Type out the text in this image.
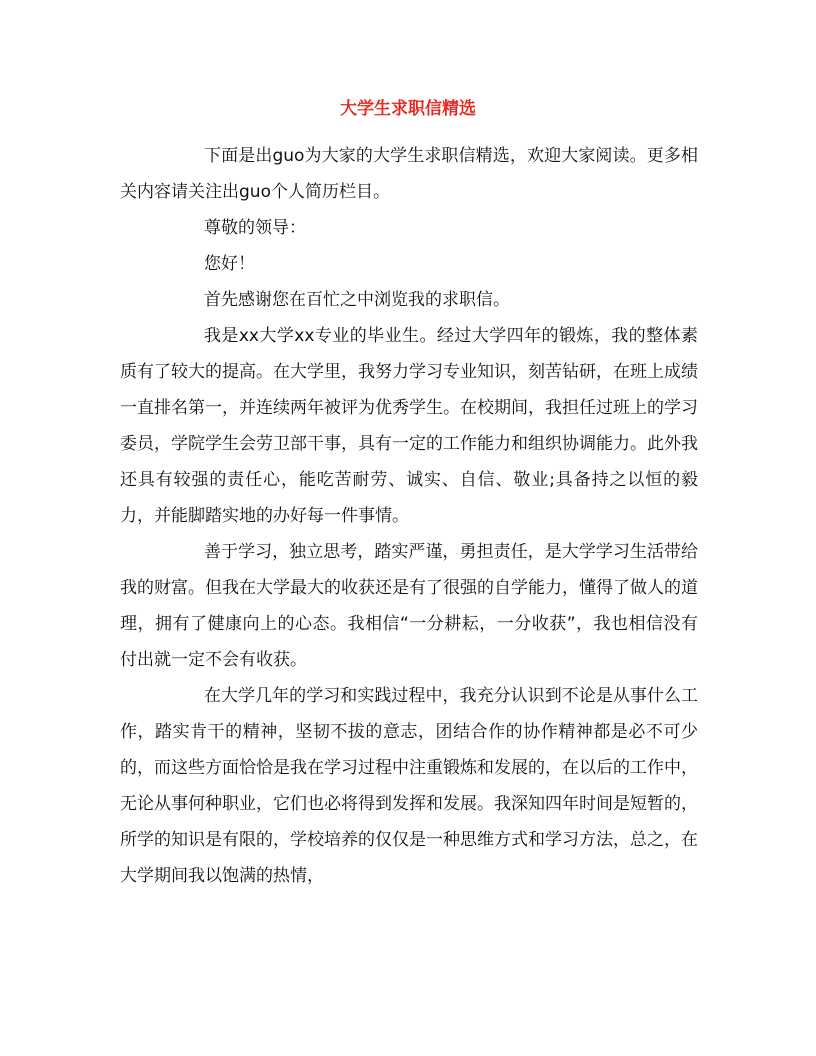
大学生求职信精选

下面是出guo为大家的大学生求职信精选，欢迎大家阅读。更多相关内容请关注出guo个人简历栏目。

尊敬的领导：

您好！

首先感谢您在百忙之中浏览我的求职信。

我是xx大学xx专业的毕业生。经过大学四年的锻炼，我的整体素质有了较大的提高。在大学里，我努力学习专业知识，刻苦钻研，在班上成绩一直排名第一，并连续两年被评为优秀学生。在校期间，我担任过班上的学习委员，学院学生会劳卫部干事，具有一定的工作能力和组织协调能力。此外我还具有较强的责任心，能吃苦耐劳、诚实、自信、敬业;具备持之以恒的毅力，并能脚踏实地的办好每一件事情。

善于学习，独立思考，踏实严谨，勇担责任，是大学学习生活带给我的财富。但我在大学最大的收获还是有了很强的自学能力，懂得了做人的道理，拥有了健康向上的心态。我相信“一分耕耘，一分收获”，我也相信没有付出就一定不会有收获。

在大学几年的学习和实践过程中，我充分认识到不论是从事什么工作，踏实肯干的精神，坚韧不拔的意志，团结合作的协作精神都是必不可少的，而这些方面恰恰是我在学习过程中注重锻炼和发展的，在以后的工作中，无论从事何种职业，它们也必将得到发挥和发展。我深知四年时间是短暂的，所学的知识是有限的，学校培养的仅仅是一种思维方式和学习方法，总之，在大学期间我以饱满的热情，
